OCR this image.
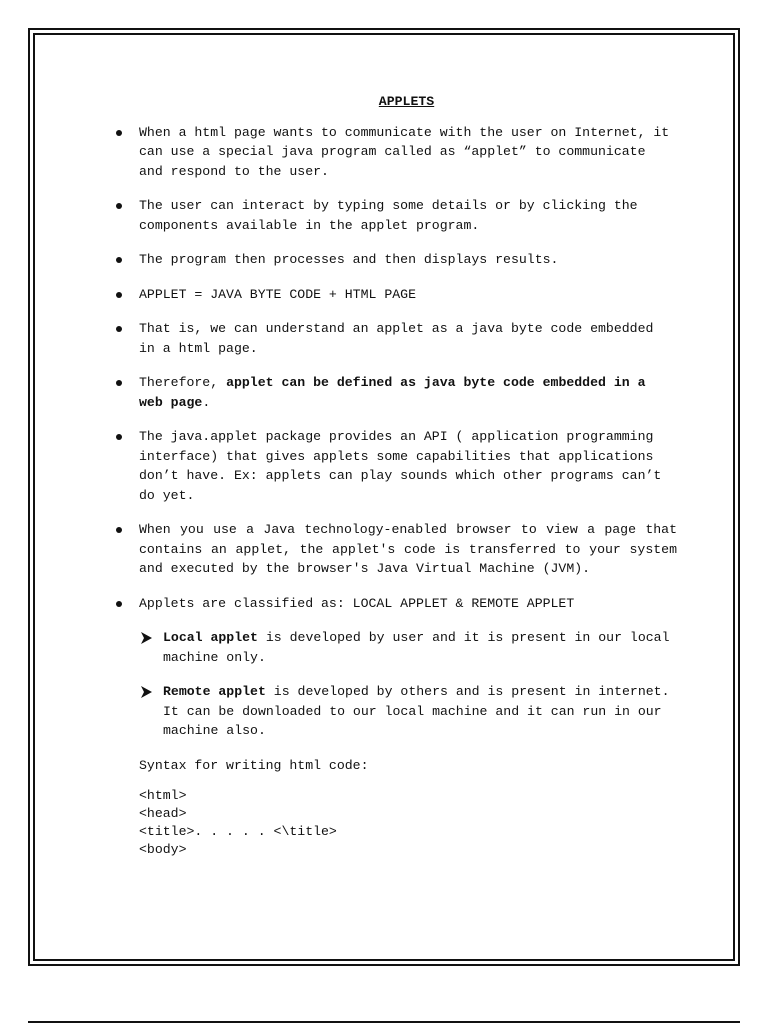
APPLETS
When a html page wants to communicate with the user on Internet, it can use a special java program called as “applet” to communicate and respond to the user.
The user can interact by typing some details or by clicking the components available in the applet program.
The program then processes and then displays results.
APPLET = JAVA BYTE CODE + HTML PAGE
That is, we can understand an applet as a java byte code embedded in a html page.
Therefore, applet can be defined as java byte code embedded in a web page.
The java.applet package provides an API ( application programming interface) that gives applets some capabilities that applications don’t have. Ex: applets can play sounds which other programs can’t do yet.
When you use a Java technology-enabled browser to view a page that contains an applet, the applet's code is transferred to your system and executed by the browser's Java Virtual Machine (JVM).
Applets are classified as: LOCAL APPLET & REMOTE APPLET
Local applet is developed by user and it is present in our local machine only.
Remote applet is developed by others and is present in internet. It can be downloaded to our local machine and it can run in our machine also.
Syntax for writing html code:
<html>
<head>
<title>. . . . . <\title>
<body>
